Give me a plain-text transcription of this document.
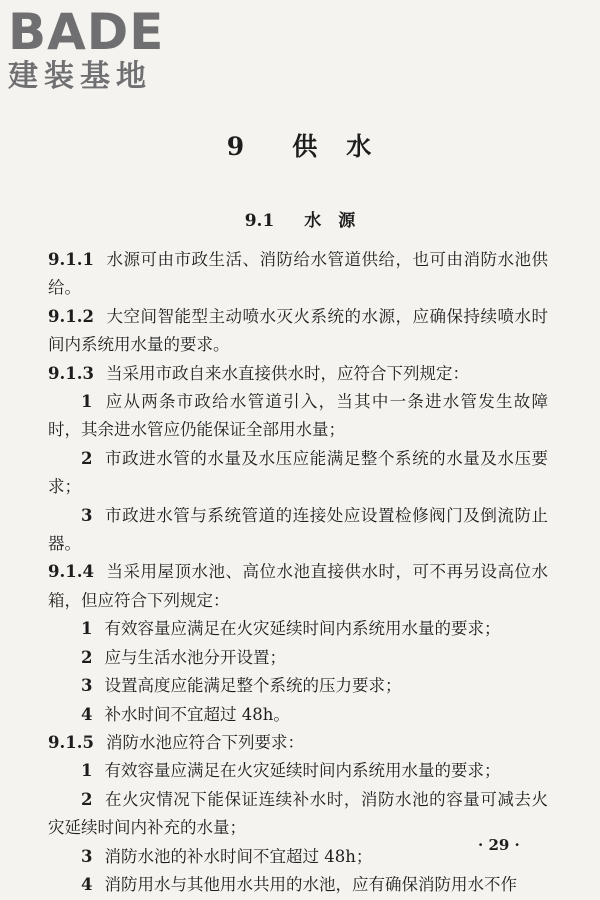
BADE
建装基地
9 供　水
9.1 水　源

9.1.1 水源可由市政生活、消防给水管道供给，也可由消防水池供给。

9.1.2 大空间智能型主动喷水灭火系统的水源，应确保持续喷水时间内系统用水量的要求。

9.1.3 当采用市政自来水直接供水时，应符合下列规定：

1 应从两条市政给水管道引入，当其中一条进水管发生故障时，其余进水管应仍能保证全部用水量；

2 市政进水管的水量及水压应能满足整个系统的水量及水压要求；

3 市政进水管与系统管道的连接处应设置检修阀门及倒流防止器。

9.1.4 当采用屋顶水池、高位水池直接供水时，可不再另设高位水箱，但应符合下列规定：

1 有效容量应满足在火灾延续时间内系统用水量的要求；

2 应与生活水池分开设置；

3 设置高度应能满足整个系统的压力要求；

4 补水时间不宜超过 48h。

9.1.5 消防水池应符合下列要求：

1 有效容量应满足在火灾延续时间内系统用水量的要求；

2 在火灾情况下能保证连续补水时，消防水池的容量可减去火灾延续时间内补充的水量；

3 消防水池的补水时间不宜超过 48h；

4 消防用水与其他用水共用的水池，应有确保消防用水不作

· 29 ·
